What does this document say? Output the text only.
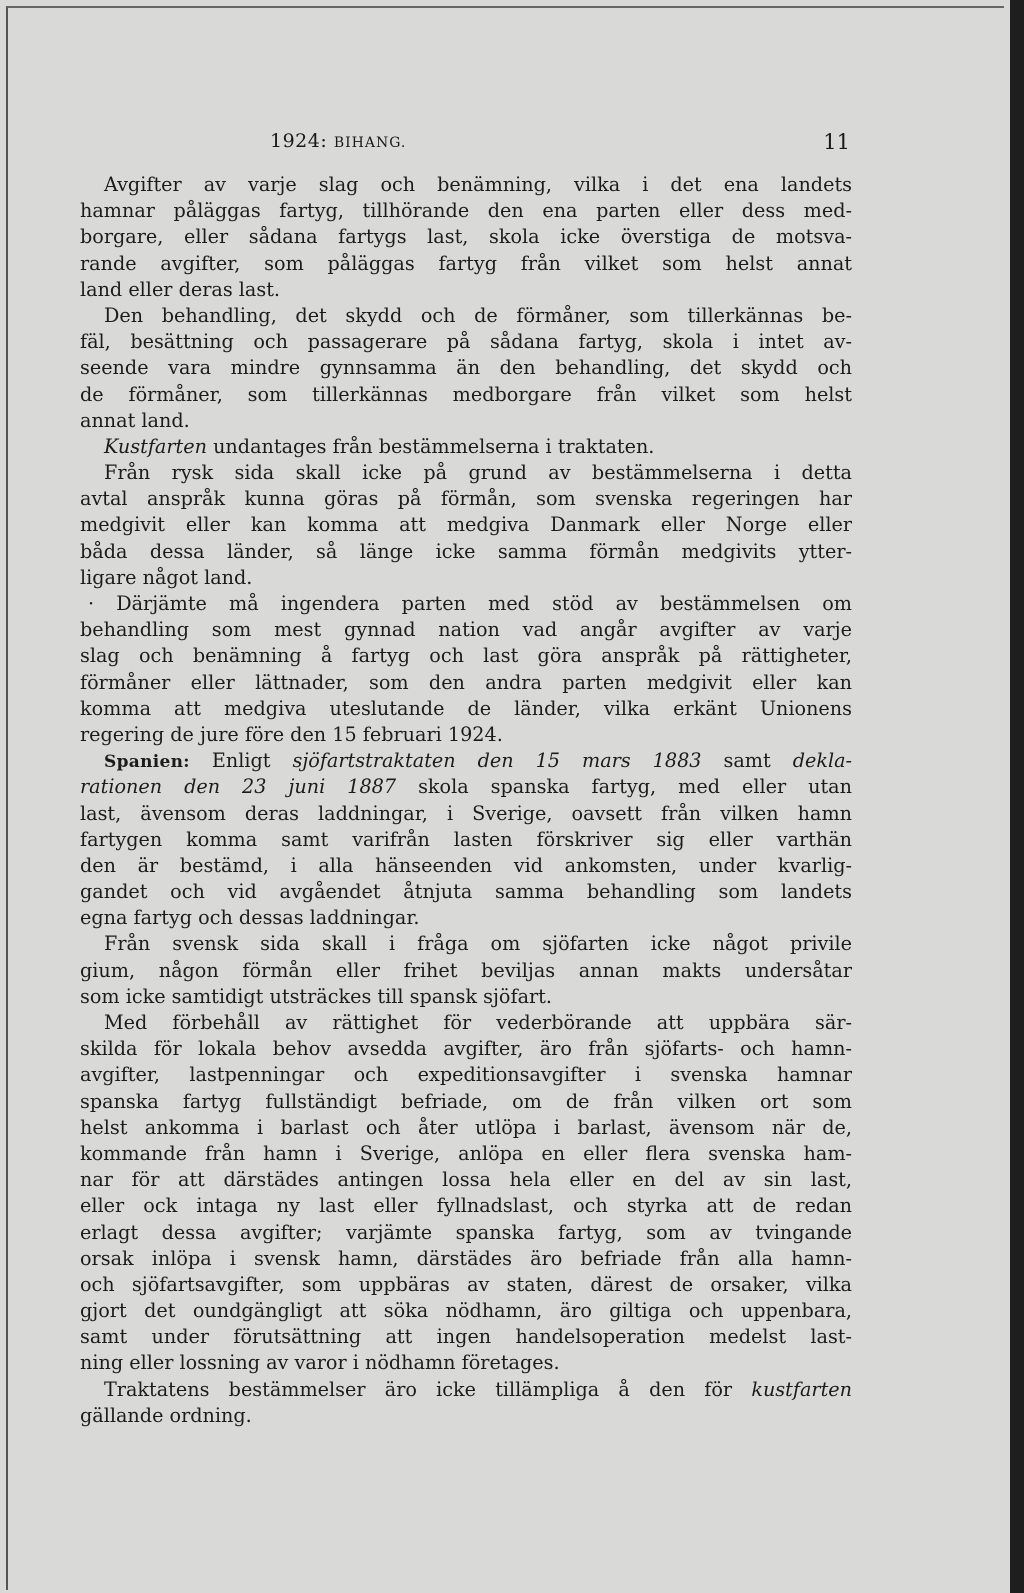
1924: BIHANG.	11
Avgifter av varje slag och benämning, vilka i det ena landets
hamnar påläggas fartyg, tillhörande den ena parten eller dess med-
borgare, eller sådana fartygs last, skola icke överstiga de motsva-
rande avgifter, som påläggas fartyg från vilket som helst annat
land eller deras last.
Den behandling, det skydd och de förmåner, som tillerkännas be-
fäl, besättning och passagerare på sådana fartyg, skola i intet av-
seende vara mindre gynnsamma än den behandling, det skydd och
de förmåner, som tillerkännas medborgare från vilket som helst
annat land.
Kustfarten undantages från bestämmelserna i traktaten.
Från rysk sida skall icke på grund av bestämmelserna i detta
avtal anspråk kunna göras på förmån, som svenska regeringen har
medgivit eller kan komma att medgiva Danmark eller Norge eller
båda dessa länder, så länge icke samma förmån medgivits ytter-
ligare något land.
· Därjämte må ingendera parten med stöd av bestämmelsen om
behandling som mest gynnad nation vad angår avgifter av varje
slag och benämning å fartyg och last göra anspråk på rättigheter,
förmåner eller lättnader, som den andra parten medgivit eller kan
komma att medgiva uteslutande de länder, vilka erkänt Unionens
regering de jure före den 15 februari 1924.
Spanien: Enligt sjöfartstraktaten den 15 mars 1883 samt dekla-
rationen den 23 juni 1887 skola spanska fartyg, med eller utan
last, ävensom deras laddningar, i Sverige, oavsett från vilken hamn
fartygen komma samt varifrån lasten förskriver sig eller varthän
den är bestämd, i alla hänseenden vid ankomsten, under kvarlig-
gandet och vid avgåendet åtnjuta samma behandling som landets
egna fartyg och dessas laddningar.
Från svensk sida skall i fråga om sjöfarten icke något privile
gium, någon förmån eller frihet beviljas annan makts undersåtar
som icke samtidigt utsträckes till spansk sjöfart.
Med förbehåll av rättighet för vederbörande att uppbära sär-
skilda för lokala behov avsedda avgifter, äro från sjöfarts- och hamn-
avgifter, lastpenningar och expeditionsavgifter i svenska hamnar
spanska fartyg fullständigt befriade, om de från vilken ort som
helst ankomma i barlast och åter utlöpa i barlast, ävensom när de,
kommande från hamn i Sverige, anlöpa en eller flera svenska ham-
nar för att därstädes antingen lossa hela eller en del av sin last,
eller ock intaga ny last eller fyllnadslast, och styrka att de redan
erlagt dessa avgifter; varjämte spanska fartyg, som av tvingande
orsak inlöpa i svensk hamn, därstädes äro befriade från alla hamn-
och sjöfartsavgifter, som uppbäras av staten, därest de orsaker, vilka
gjort det oundgängligt att söka nödhamn, äro giltiga och uppenbara,
samt under förutsättning att ingen handelsoperation medelst last-
ning eller lossning av varor i nödhamn företages.
Traktatens bestämmelser äro icke tillämpliga å den för kustfarten
gällande ordning.
